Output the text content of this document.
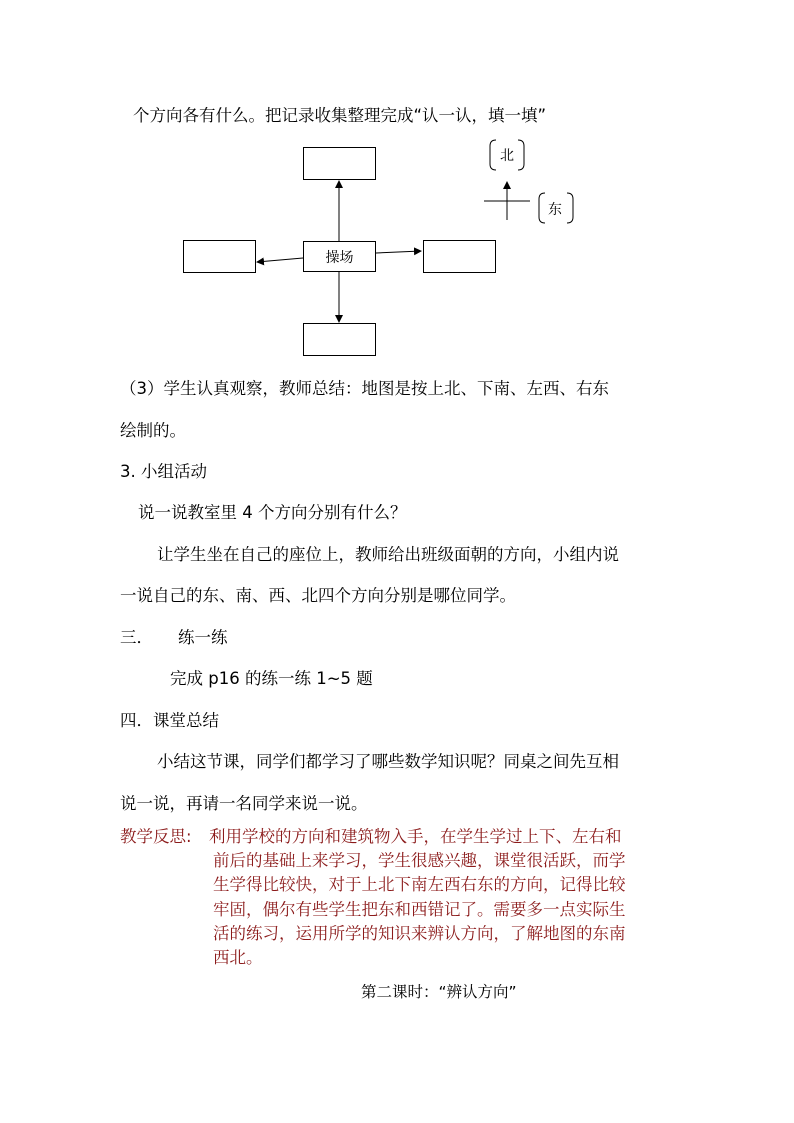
个方向各有什么。把记录收集整理完成“认一认，填一填”
操场
北
东
（3）学生认真观察，教师总结：地图是按上北、下南、左西、右东
绘制的。
3. 小组活动
说一说教室里 4 个方向分别有什么？
让学生坐在自己的座位上，教师给出班级面朝的方向，小组内说
一说自己的东、南、西、北四个方向分别是哪位同学。
三． 练一练
完成 p16 的练一练 1~5 题
四．课堂总结
小结这节课，同学们都学习了哪些数学知识呢？同桌之间先互相
说一说，再请一名同学来说一说。
教学反思: 利用学校的方向和建筑物入手，在学生学过上下、左右和
前后的基础上来学习，学生很感兴趣，课堂很活跃，而学
生学得比较快，对于上北下南左西右东的方向，记得比较
牢固，偶尔有些学生把东和西错记了。需要多一点实际生
活的练习，运用所学的知识来辨认方向，了解地图的东南
西北。
第二课时：“辨认方向”
